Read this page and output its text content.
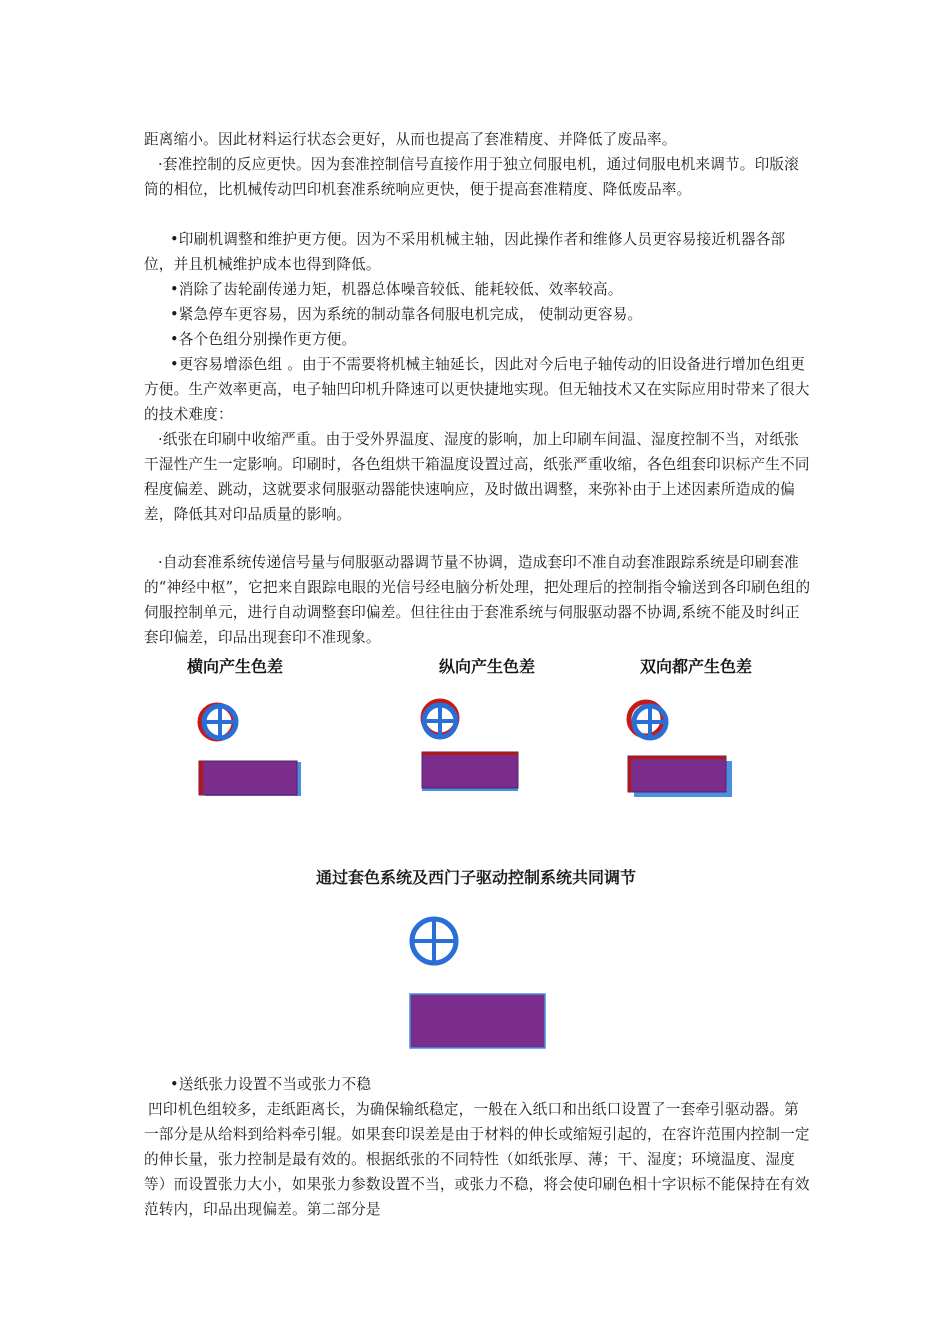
距离缩小。因此材料运行状态会更好，从而也提高了套准精度、并降低了废品率。
·套准控制的反应更快。因为套准控制信号直接作用于独立伺服电机，通过伺服电机来调节。印版滚筒的相位，比机械传动凹印机套准系统响应更快，便于提高套准精度、降低废品率。
•印刷机调整和维护更方便。因为不采用机械主轴，因此操作者和维修人员更容易接近机器各部位，并且机械维护成本也得到降低。
•消除了齿轮副传递力矩，机器总体噪音较低、能耗较低、效率较高。
•紧急停车更容易，因为系统的制动靠各伺服电机完成， 使制动更容易。
•各个色组分别操作更方便。
•更容易增添色组 。由于不需要将机械主轴延长，因此对今后电子轴传动的旧设备进行增加色组更方便。生产效率更高，电子轴凹印机升降速可以更快捷地实现。但无轴技术又在实际应用时带来了很大的技术难度：
·纸张在印刷中收缩严重。由于受外界温度、湿度的影响，加上印刷车间温、湿度控制不当，对纸张干湿性产生一定影响。印刷时，各色组烘干箱温度设置过高，纸张严重收缩，各色组套印识标产生不同程度偏差、跳动，这就要求伺服驱动器能快速响应，及时做出调整，来弥补由于上述因素所造成的偏差，降低其对印品质量的影响。
·自动套准系统传递信号量与伺服驱动器调节量不协调，造成套印不准自动套准跟踪系统是印刷套准的“神经中枢”，它把来自跟踪电眼的光信号经电脑分析处理，把处理后的控制指令输送到各印刷色组的伺服控制单元，进行自动调整套印偏差。但往往由于套准系统与伺服驱动器不协调,系统不能及时纠正套印偏差，印品出现套印不准现象。
横向产生色差	纵向产生色差	双向都产生色差
通过套色系统及西门子驱动控制系统共同调节
•送纸张力设置不当或张力不稳
凹印机色组较多，走纸距离长，为确保输纸稳定，一般在入纸口和出纸口设置了一套牵引驱动器。第一部分是从给料到给料牵引辊。如果套印误差是由于材料的伸长或缩短引起的，在容许范围内控制一定的伸长量，张力控制是最有效的。根据纸张的不同特性（如纸张厚、薄；干、湿度；环境温度、湿度等）而设置张力大小，如果张力参数设置不当，或张力不稳，将会使印刷色相十字识标不能保持在有效范转内，印品出现偏差。第二部分是
